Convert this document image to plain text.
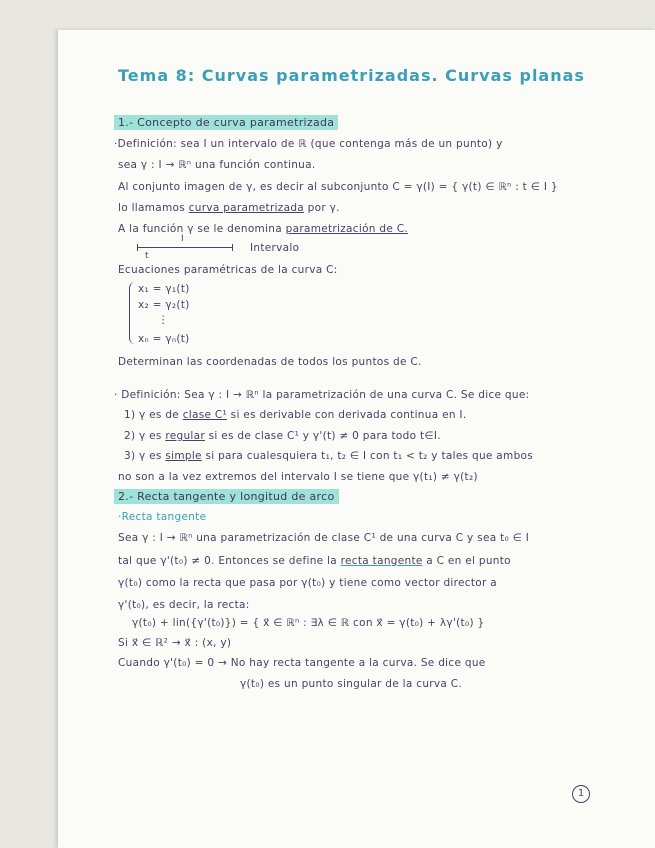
Tema 8: Curvas parametrizadas. Curvas planas
1.- Concepto de curva parametrizada
·Definición: sea I un intervalo de ℝ (que contenga más de un punto) y
sea γ : I → ℝⁿ una función continua.
Al conjunto imagen de γ, es decir al subconjunto C = γ(I) = { γ(t) ∈ ℝⁿ : t ∈ I }
lo llamamos curva parametrizada por γ.
A la función γ se le denomina parametrización de C.
I
t
Intervalo
Ecuaciones paramétricas de la curva C:
x₁ = γ₁(t)
x₂ = γ₂(t)
⋮
xₙ = γₙ(t)
Determinan las coordenadas de todos los puntos de C.
· Definición: Sea γ : I → ℝⁿ la parametrización de una curva C. Se dice que:
1) γ es de clase C¹ si es derivable con derivada continua en I.
2) γ es regular si es de clase C¹ y γ'(t) ≠ 0 para todo t∈I.
3) γ es simple si para cualesquiera t₁, t₂ ∈ I con t₁ < t₂ y tales que ambos
no son a la vez extremos del intervalo I se tiene que γ(t₁) ≠ γ(t₂)
2.- Recta tangente y longitud de arco
·Recta tangente
Sea γ : I → ℝⁿ una parametrización de clase C¹ de una curva C y sea t₀ ∈ I
tal que γ'(t₀) ≠ 0. Entonces se define la recta tangente a C en el punto
γ(t₀) como la recta que pasa por γ(t₀) y tiene como vector director a
γ'(t₀), es decir, la recta:
γ(t₀) + lin({γ'(t₀)}) = { x⃗ ∈ ℝⁿ : ∃λ ∈ ℝ con x⃗ = γ(t₀) + λγ'(t₀) }
Si x⃗ ∈ ℝ² → x⃗ : (x, y)
Cuando γ'(t₀) = 0 → No hay recta tangente a la curva. Se dice que
γ(t₀) es un punto singular de la curva C.
1
